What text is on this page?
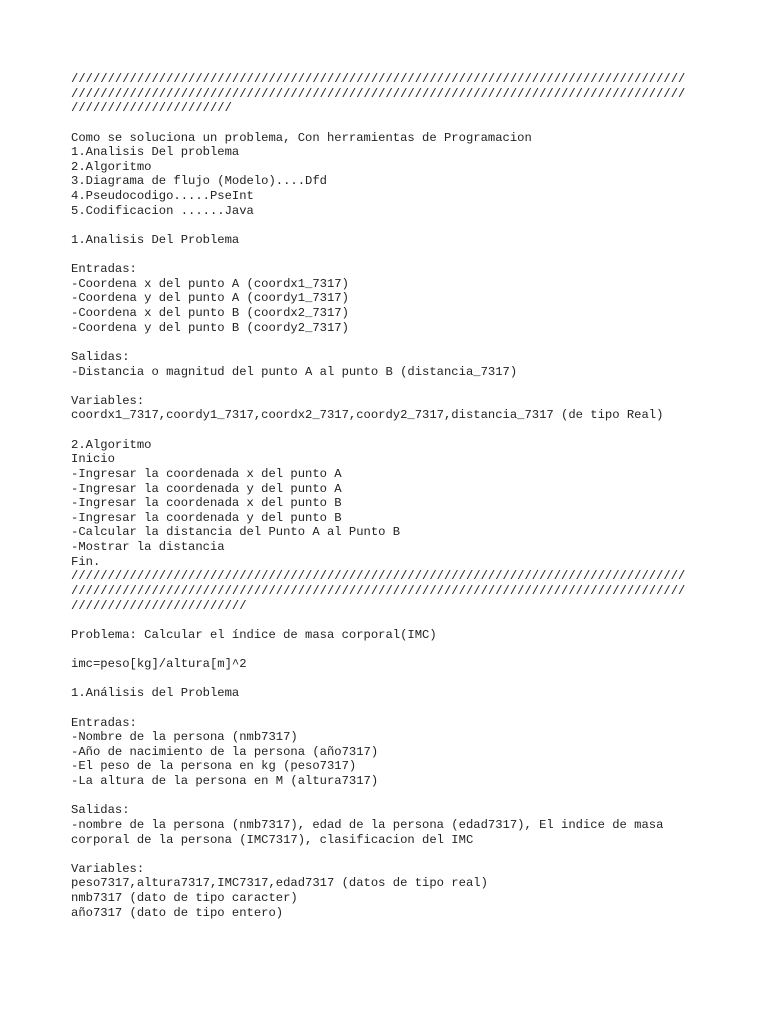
////////////////////////////////////////////////////////////////////////////////////
////////////////////////////////////////////////////////////////////////////////////
//////////////////////
Como se soluciona un problema, Con herramientas de Programacion
1.Analisis Del problema
2.Algoritmo
3.Diagrama de flujo (Modelo)....Dfd
4.Pseudocodigo.....PseInt
5.Codificacion ......Java
1.Analisis Del Problema
Entradas:
-Coordena x del punto A (coordx1_7317)
-Coordena y del punto A (coordy1_7317)
-Coordena x del punto B (coordx2_7317)
-Coordena y del punto B (coordy2_7317)
Salidas:
-Distancia o magnitud del punto A al punto B (distancia_7317)
Variables:
coordx1_7317,coordy1_7317,coordx2_7317,coordy2_7317,distancia_7317 (de tipo Real)
2.Algoritmo
Inicio
-Ingresar la coordenada x del punto A
-Ingresar la coordenada y del punto A
-Ingresar la coordenada x del punto B
-Ingresar la coordenada y del punto B
-Calcular la distancia del Punto A al Punto B
-Mostrar la distancia
Fin.
////////////////////////////////////////////////////////////////////////////////////
////////////////////////////////////////////////////////////////////////////////////
////////////////////////
Problema: Calcular el índice de masa corporal(IMC)
imc=peso[kg]/altura[m]^2
1.Análisis del Problema
Entradas:
-Nombre de la persona (nmb7317)
-Año de nacimiento de la persona (año7317)
-El peso de la persona en kg (peso7317)
-La altura de la persona en M (altura7317)
Salidas:
-nombre de la persona (nmb7317), edad de la persona (edad7317), El indice de masa
corporal de la persona (IMC7317), clasificacion del IMC
Variables:
peso7317,altura7317,IMC7317,edad7317 (datos de tipo real)
nmb7317 (dato de tipo caracter)
año7317 (dato de tipo entero)
